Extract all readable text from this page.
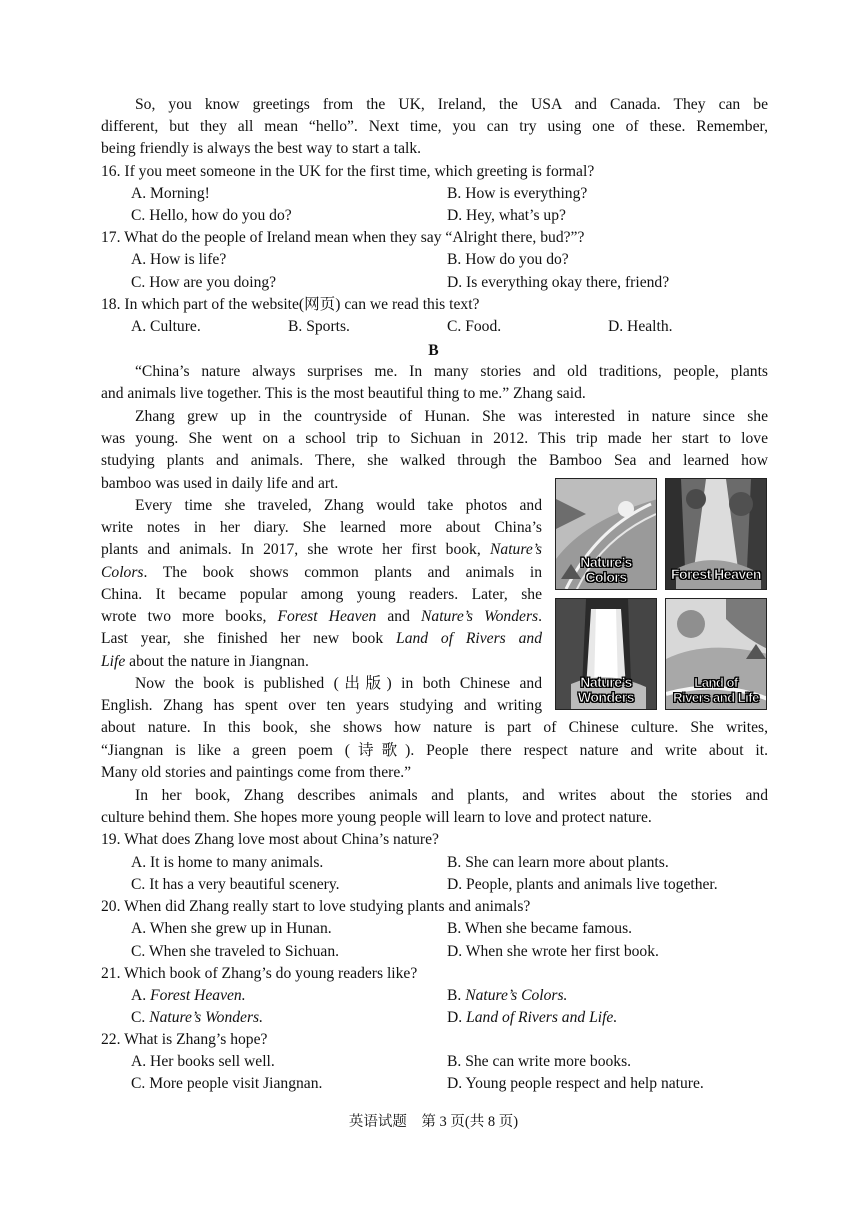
So, you know greetings from the UK, Ireland, the USA and Canada. They can be
different, but they all mean “hello”. Next time, you can try using one of these. Remember,
being friendly is always the best way to start a talk.
16. If you meet someone in the UK for the first time, which greeting is formal?
A. Morning!	B. How is everything?
C. Hello, how do you do?	D. Hey, what’s up?
17. What do the people of Ireland mean when they say “Alright there, bud?”?
A. How is life?	B. How do you do?
C. How are you doing?	D. Is everything okay there, friend?
18. In which part of the website(网页) can we read this text?
A. Culture.	B. Sports.	C. Food.	D. Health.
B
“China’s nature always surprises me. In many stories and old traditions, people, plants
and animals live together. This is the most beautiful thing to me.” Zhang said.
Zhang grew up in the countryside of Hunan. She was interested in nature since she
was young. She went on a school trip to Sichuan in 2012. This trip made her start to love
studying plants and animals. There, she walked through the Bamboo Sea and learned how
bamboo was used in daily life and art.
Every time she traveled, Zhang would take photos and
write notes in her diary. She learned more about China’s
plants and animals. In 2017, she wrote her first book, Nature’s
Colors. The book shows common plants and animals in
China. It became popular among young readers. Later, she
wrote two more books, Forest Heaven and Nature’s Wonders.
Last year, she finished her new book Land of Rivers and
Life about the nature in Jiangnan.
Now the book is published (出版) in both Chinese and
English. Zhang has spent over ten years studying and writing
about nature. In this book, she shows how nature is part of Chinese culture. She writes,
“Jiangnan is like a green poem (诗歌). People there respect nature and write about it.
Many old stories and paintings come from there.”
In her book, Zhang describes animals and plants, and writes about the stories and
culture behind them. She hopes more young people will learn to love and protect nature.
Nature’s
Colors	Forest Heaven
Nature’s
Wonders
Land of
Rivers and Life
19. What does Zhang love most about China’s nature?
A. It is home to many animals.	B. She can learn more about plants.
C. It has a very beautiful scenery.	D. People, plants and animals live together.
20. When did Zhang really start to love studying plants and animals?
A. When she grew up in Hunan.	B. When she became famous.
C. When she traveled to Sichuan.	D. When she wrote her first book.
21. Which book of Zhang’s do young readers like?
A. Forest Heaven.	B. Nature’s Colors.
C. Nature’s Wonders.	D. Land of Rivers and Life.
22. What is Zhang’s hope?
A. Her books sell well.	B. She can write more books.
C. More people visit Jiangnan.	D. Young people respect and help nature.
英语试题　第 3 页(共 8 页)
